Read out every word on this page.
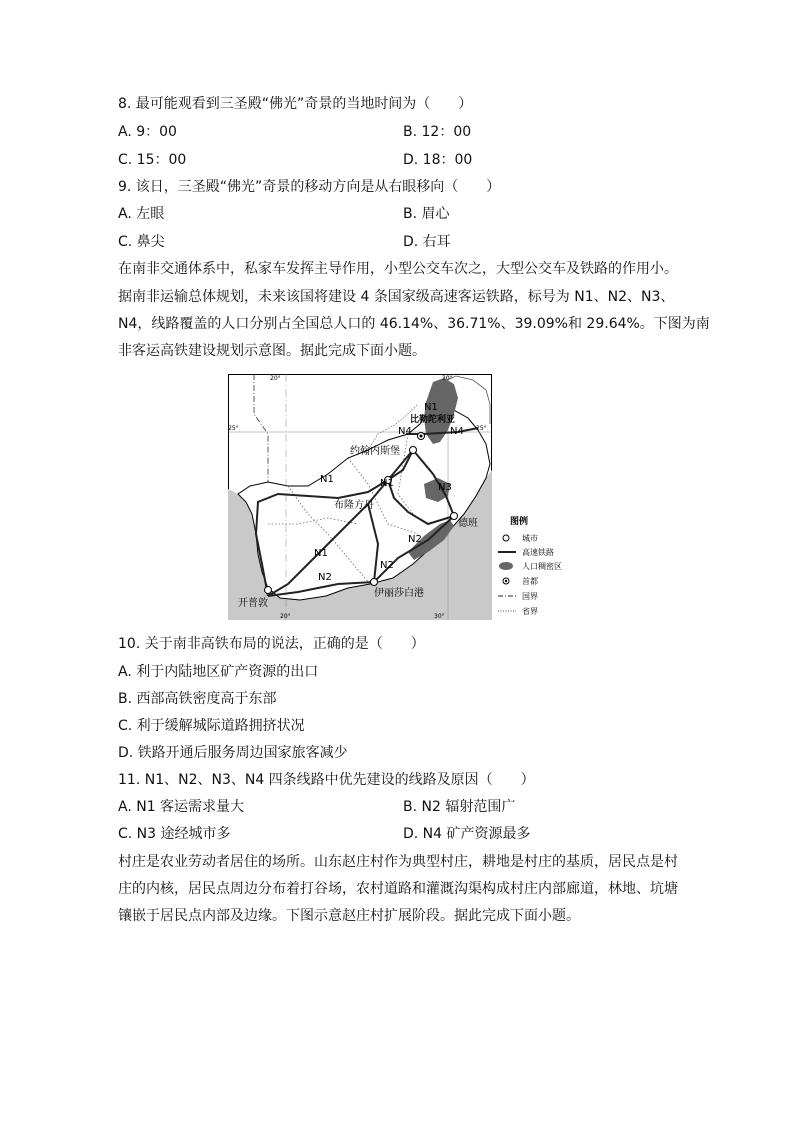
8. 最可能观看到三圣殿“佛光”奇景的当地时间为（　　）
A. 9：00	B. 12：00
C. 15：00	D. 18：00
9. 该日，三圣殿“佛光”奇景的移动方向是从右眼移向（　　）
A. 左眼	B. 眉心
C. 鼻尖	D. 右耳
在南非交通体系中，私家车发挥主导作用，小型公交车次之，大型公交车及铁路的作用小。
据南非运输总体规划，未来该国将建设 4 条国家级高速客运铁路，标号为 N1、N2、N3、
N4，线路覆盖的人口分别占全国总人口的 46.14%、36.71%、39.09%和 29.64%。下图为南
非客运高铁建设规划示意图。据此完成下面小题。
20°	30°
25°	25°
20°	30°
比勒陀利亚
约翰内斯堡
布隆方丹
德班
伊丽莎白港
开普敦
N1	N1
N1
N1
N2
N2
N2
N3
N4	N4
图例
城市
高速铁路
人口稠密区
首都
国界
省界
10. 关于南非高铁布局的说法，正确的是（　　）
A. 利于内陆地区矿产资源的出口
B. 西部高铁密度高于东部
C. 利于缓解城际道路拥挤状况
D. 铁路开通后服务周边国家旅客减少
11. N1、N2、N3、N4 四条线路中优先建设的线路及原因（　　）
A. N1 客运需求量大	B. N2 辐射范围广
C. N3 途经城市多	D. N4 矿产资源最多
村庄是农业劳动者居住的场所。山东赵庄村作为典型村庄，耕地是村庄的基质，居民点是村
庄的内核，居民点周边分布着打谷场，农村道路和灌溉沟渠构成村庄内部廊道，林地、坑塘
镶嵌于居民点内部及边缘。下图示意赵庄村扩展阶段。据此完成下面小题。
